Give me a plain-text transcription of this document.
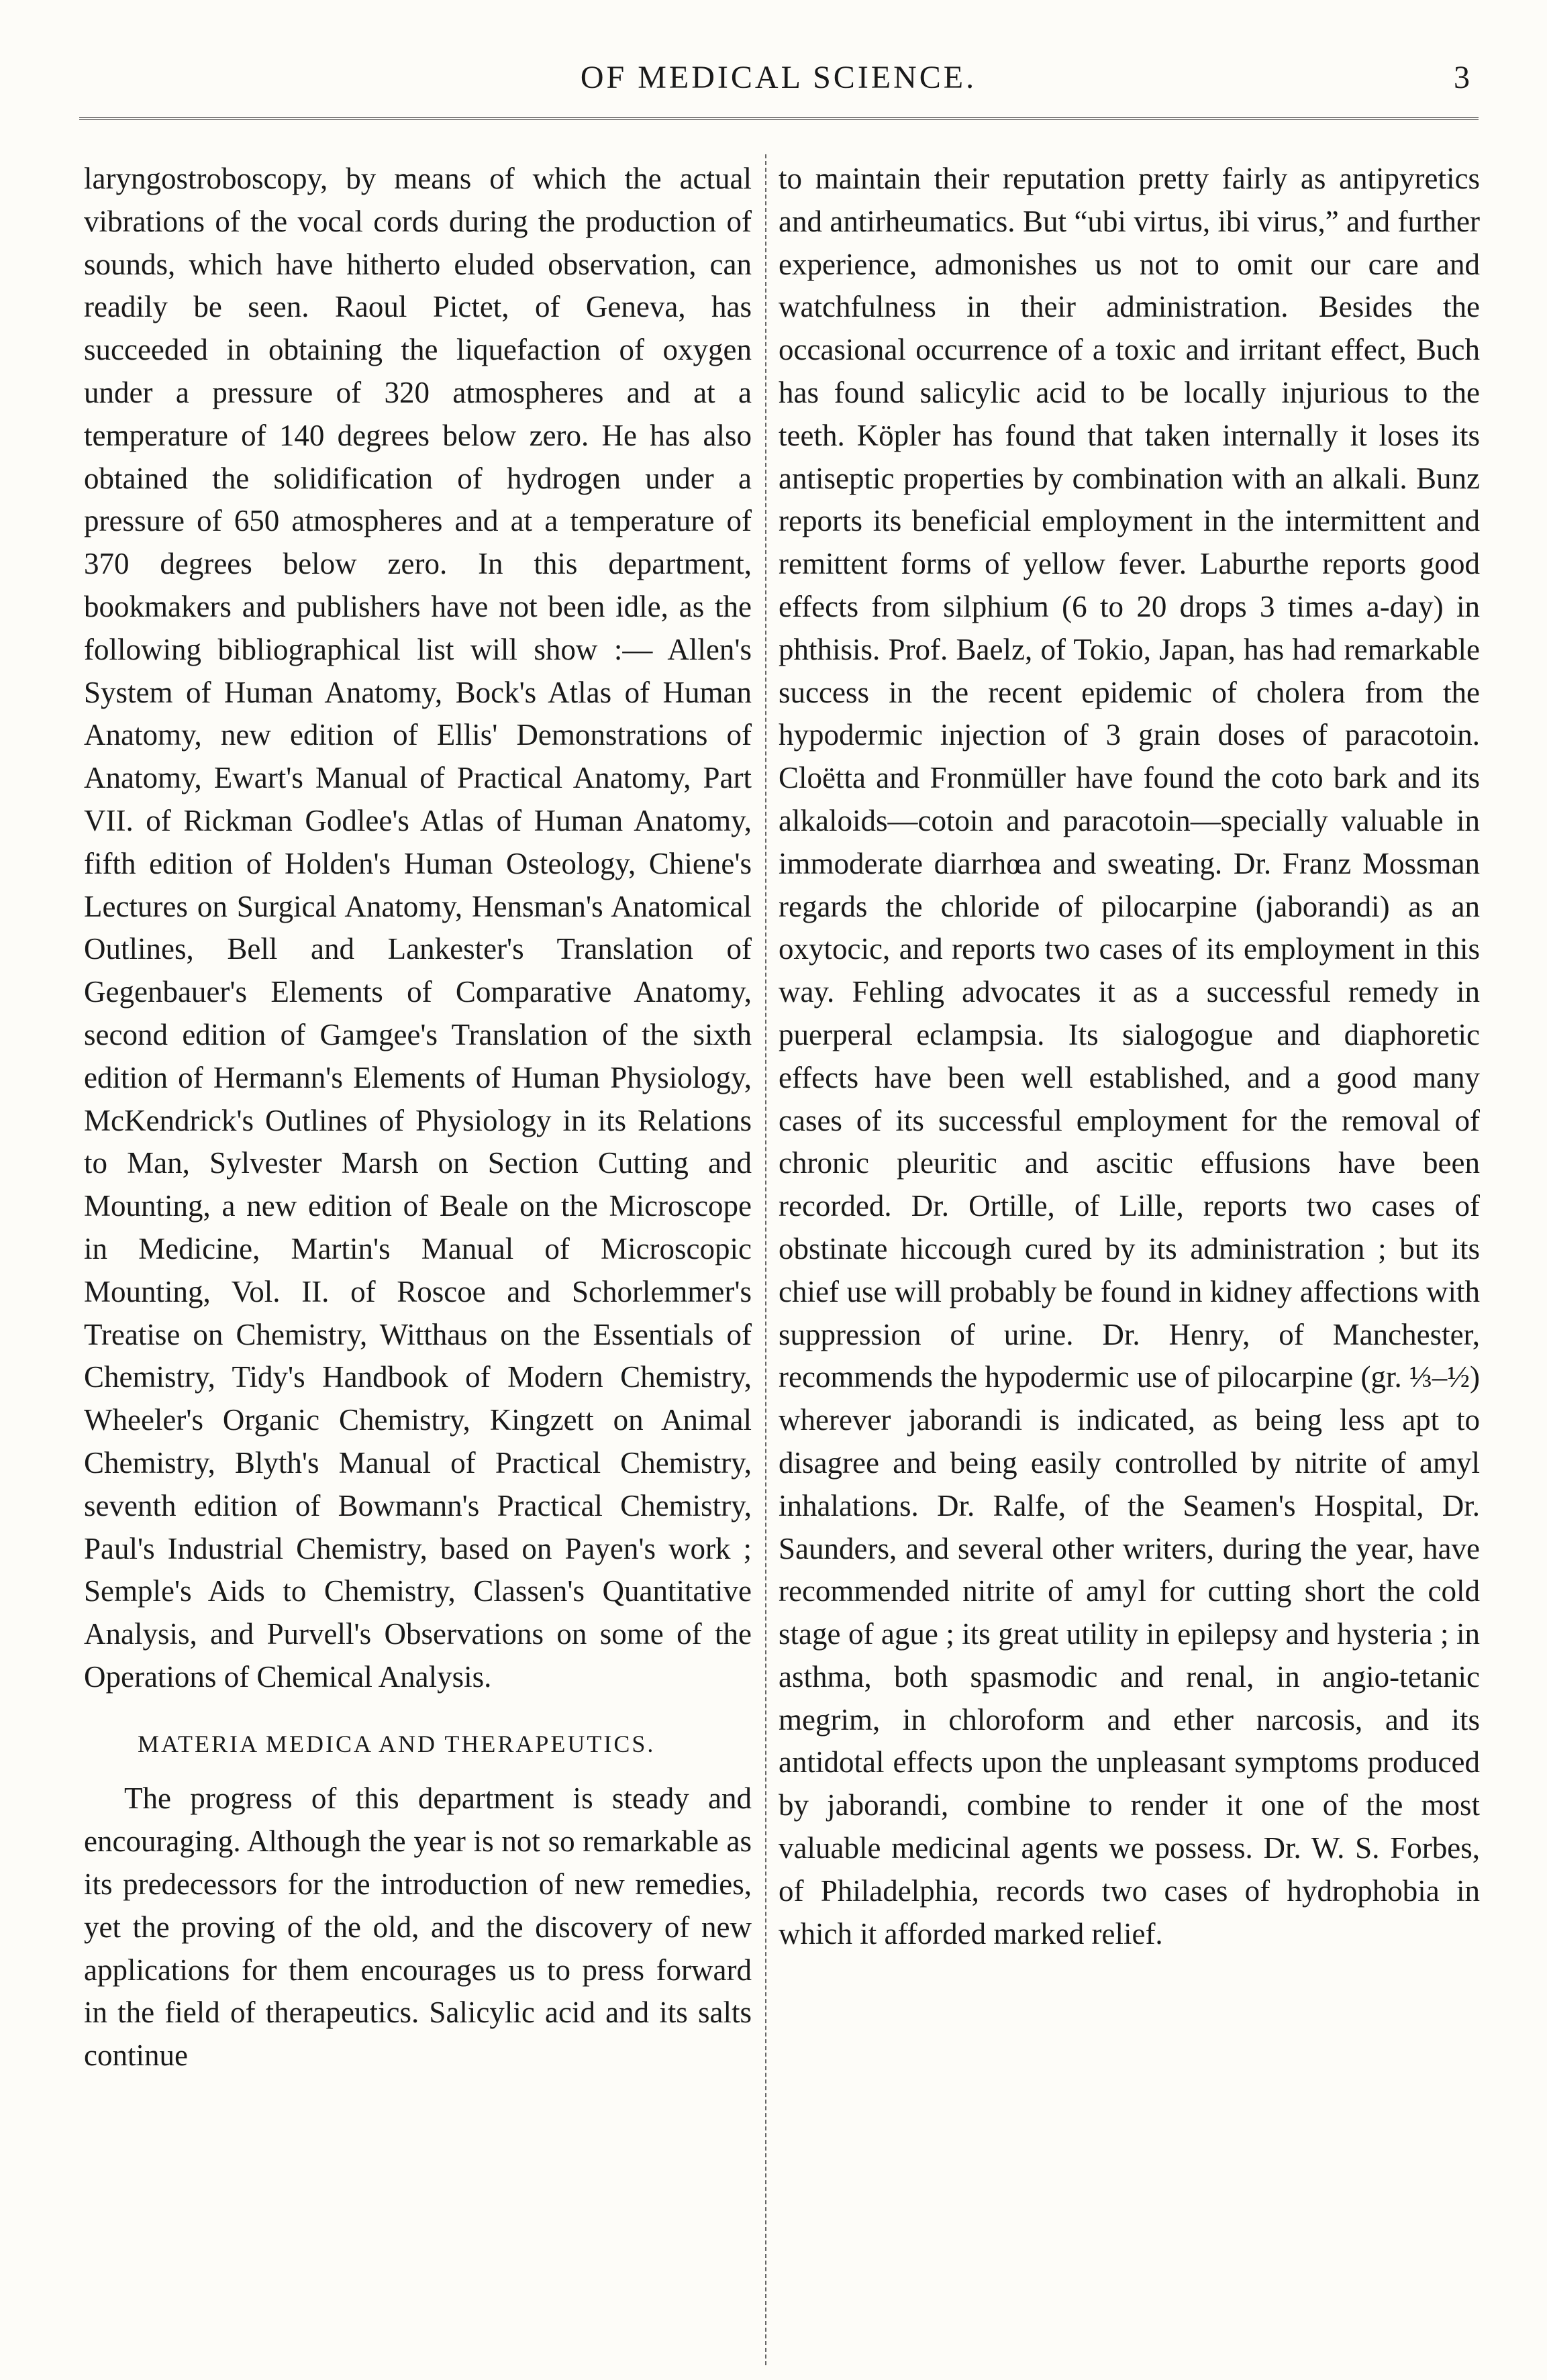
OF MEDICAL SCIENCE.	3

laryngostroboscopy, by means of which the actual vibrations of the vocal cords during the production of sounds, which have hitherto eluded observation, can readily be seen. Raoul Pictet, of Geneva, has succeeded in obtaining the liquefaction of oxygen under a pressure of 320 atmospheres and at a temperature of 140 degrees below zero. He has also obtained the solidification of hydrogen under a pressure of 650 atmospheres and at a temperature of 370 degrees below zero. In this department, bookmakers and publishers have not been idle, as the following bibliographical list will show :— Allen's System of Human Anatomy, Bock's Atlas of Human Anatomy, new edition of Ellis' Demonstrations of Anatomy, Ewart's Manual of Practical Anatomy, Part VII. of Rickman Godlee's Atlas of Human Anatomy, fifth edition of Holden's Human Osteology, Chiene's Lectures on Surgical Anatomy, Hensman's Anatomical Outlines, Bell and Lankester's Translation of Gegenbauer's Elements of Comparative Anatomy, second edition of Gamgee's Translation of the sixth edition of Hermann's Elements of Human Physiology, McKendrick's Outlines of Physiology in its Relations to Man, Sylvester Marsh on Section Cutting and Mounting, a new edition of Beale on the Microscope in Medicine, Martin's Manual of Microscopic Mounting, Vol. II. of Roscoe and Schorlemmer's Treatise on Chemistry, Witthaus on the Essentials of Chemistry, Tidy's Handbook of Modern Chemistry, Wheeler's Organic Chemistry, Kingzett on Animal Chemistry, Blyth's Manual of Practical Chemistry, seventh edition of Bowmann's Practical Chemistry, Paul's Industrial Chemistry, based on Payen's work ; Semple's Aids to Chemistry, Classen's Quantitative Analysis, and Purvell's Observations on some of the Operations of Chemical Analysis.

MATERIA MEDICA AND THERAPEUTICS.

The progress of this department is steady and encouraging. Although the year is not so remarkable as its predecessors for the introduction of new remedies, yet the proving of the old, and the discovery of new applications for them encourages us to press forward in the field of therapeutics. Salicylic acid and its salts continue

to maintain their reputation pretty fairly as antipyretics and antirheumatics. But “ubi virtus, ibi virus,” and further experience, admonishes us not to omit our care and watchfulness in their administration. Besides the occasional occurrence of a toxic and irritant effect, Buch has found salicylic acid to be locally injurious to the teeth. Köpler has found that taken internally it loses its antiseptic properties by combination with an alkali. Bunz reports its beneficial employment in the intermittent and remittent forms of yellow fever. Laburthe reports good effects from silphium (6 to 20 drops 3 times a-day) in phthisis. Prof. Baelz, of Tokio, Japan, has had remarkable success in the recent epidemic of cholera from the hypodermic injection of 3 grain doses of paracotoin. Cloëtta and Fronmüller have found the coto bark and its alkaloids—cotoin and paracotoin—specially valuable in immoderate diarrhœa and sweating. Dr. Franz Mossman regards the chloride of pilocarpine (jaborandi) as an oxytocic, and reports two cases of its employment in this way. Fehling advocates it as a successful remedy in puerperal eclampsia. Its sialogogue and diaphoretic effects have been well established, and a good many cases of its successful employment for the removal of chronic pleuritic and ascitic effusions have been recorded. Dr. Ortille, of Lille, reports two cases of obstinate hiccough cured by its administration ; but its chief use will probably be found in kidney affections with suppression of urine. Dr. Henry, of Manchester, recommends the hypodermic use of pilocarpine (gr. ⅓–½) wherever jaborandi is indicated, as being less apt to disagree and being easily controlled by nitrite of amyl inhalations. Dr. Ralfe, of the Seamen's Hospital, Dr. Saunders, and several other writers, during the year, have recommended nitrite of amyl for cutting short the cold stage of ague ; its great utility in epilepsy and hysteria ; in asthma, both spasmodic and renal, in angio-tetanic megrim, in chloroform and ether narcosis, and its antidotal effects upon the unpleasant symptoms produced by jaborandi, combine to render it one of the most valuable medicinal agents we possess. Dr. W. S. Forbes, of Philadelphia, records two cases of hydrophobia in which it afforded marked relief.
